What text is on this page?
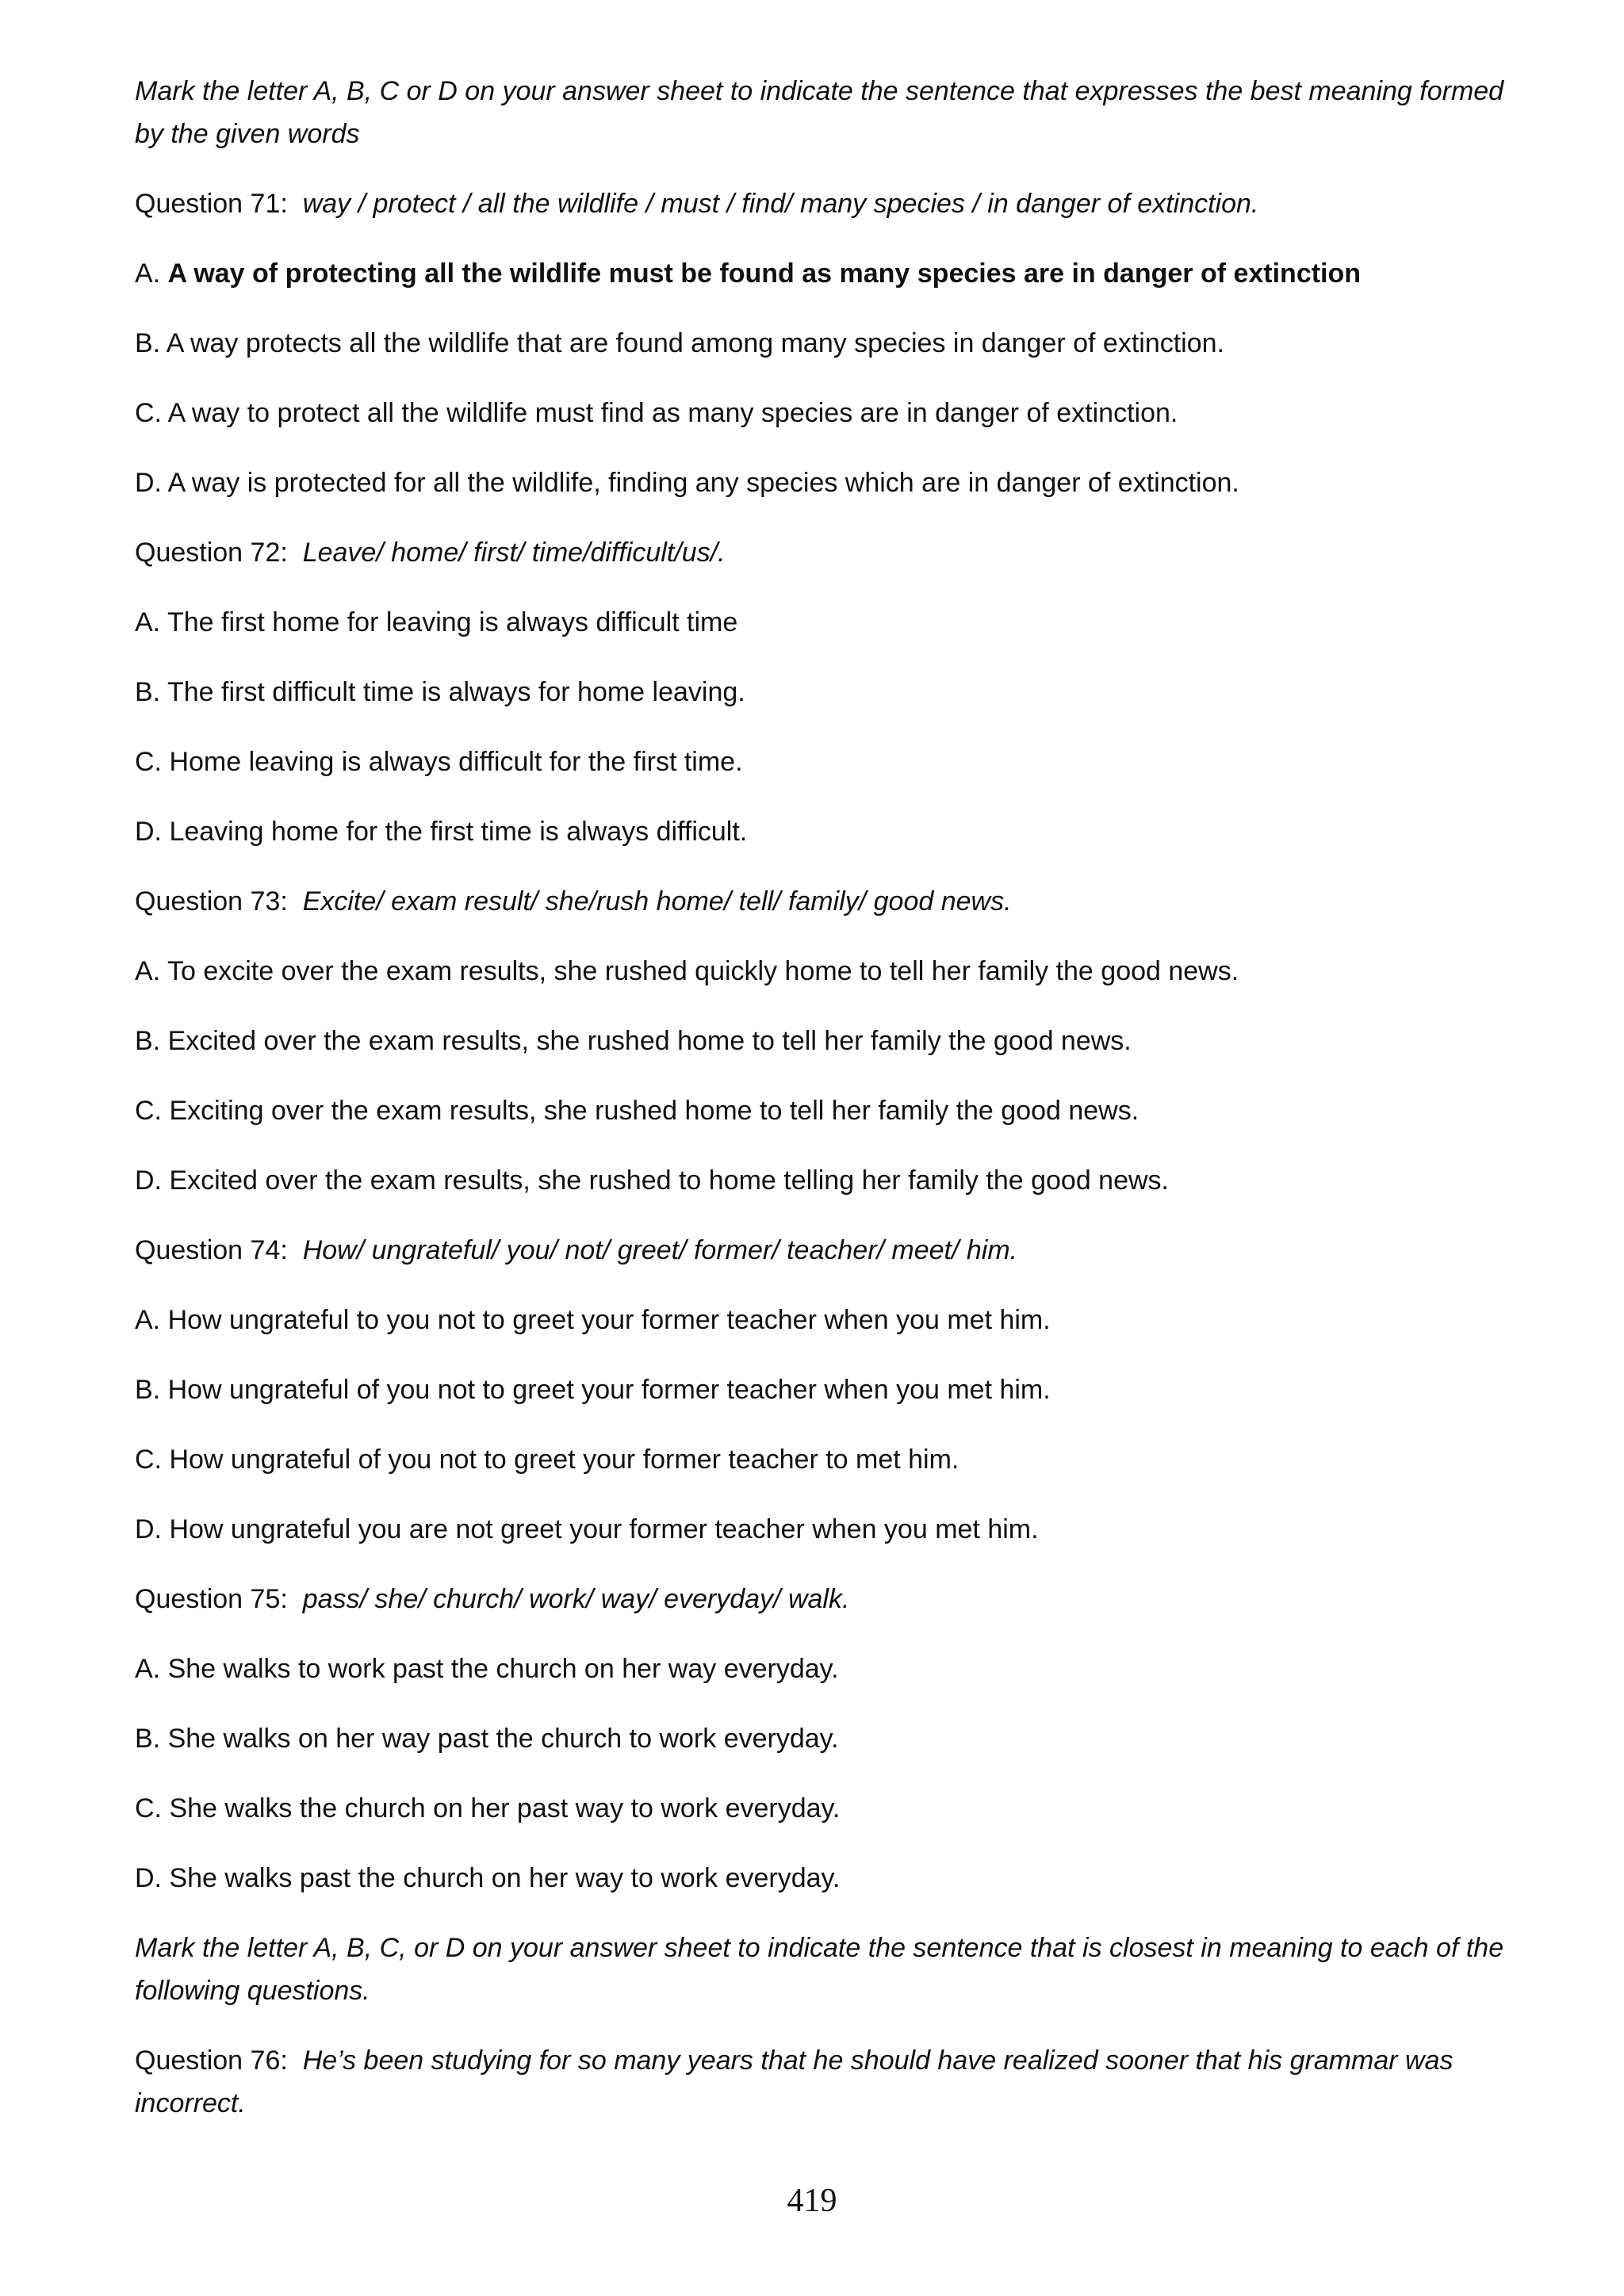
Mark the letter A, B, C or D on your answer sheet to indicate the sentence that expresses the best meaning formed by the given words

Question 71: way / protect / all the wildlife / must / find/ many species / in danger of extinction.

A. A way of protecting all the wildlife must be found as many species are in danger of extinction

B. A way protects all the wildlife that are found among many species in danger of extinction.

C. A way to protect all the wildlife must find as many species are in danger of extinction.

D. A way is protected for all the wildlife, finding any species which are in danger of extinction.

Question 72: Leave/ home/ first/ time/difficult/us/.

A. The first home for leaving is always difficult time

B. The first difficult time is always for home leaving.

C. Home leaving is always difficult for the first time.

D. Leaving home for the first time is always difficult.

Question 73: Excite/ exam result/ she/rush home/ tell/ family/ good news.

A. To excite over the exam results, she rushed quickly home to tell her family the good news.

B. Excited over the exam results, she rushed home to tell her family the good news.

C. Exciting over the exam results, she rushed home to tell her family the good news.

D. Excited over the exam results, she rushed to home telling her family the good news.

Question 74: How/ ungrateful/ you/ not/ greet/ former/ teacher/ meet/ him.

A. How ungrateful to you not to greet your former teacher when you met him.

B. How ungrateful of you not to greet your former teacher when you met him.

C. How ungrateful of you not to greet your former teacher to met him.

D. How ungrateful you are not greet your former teacher when you met him.

Question 75: pass/ she/ church/ work/ way/ everyday/ walk.

A. She walks to work past the church on her way everyday.

B. She walks on her way past the church to work everyday.

C. She walks the church on her past way to work everyday.

D. She walks past the church on her way to work everyday.

Mark the letter A, B, C, or D on your answer sheet to indicate the sentence that is closest in meaning to each of the following questions.

Question 76: He’s been studying for so many years that he should have realized sooner that his grammar was incorrect.

419
